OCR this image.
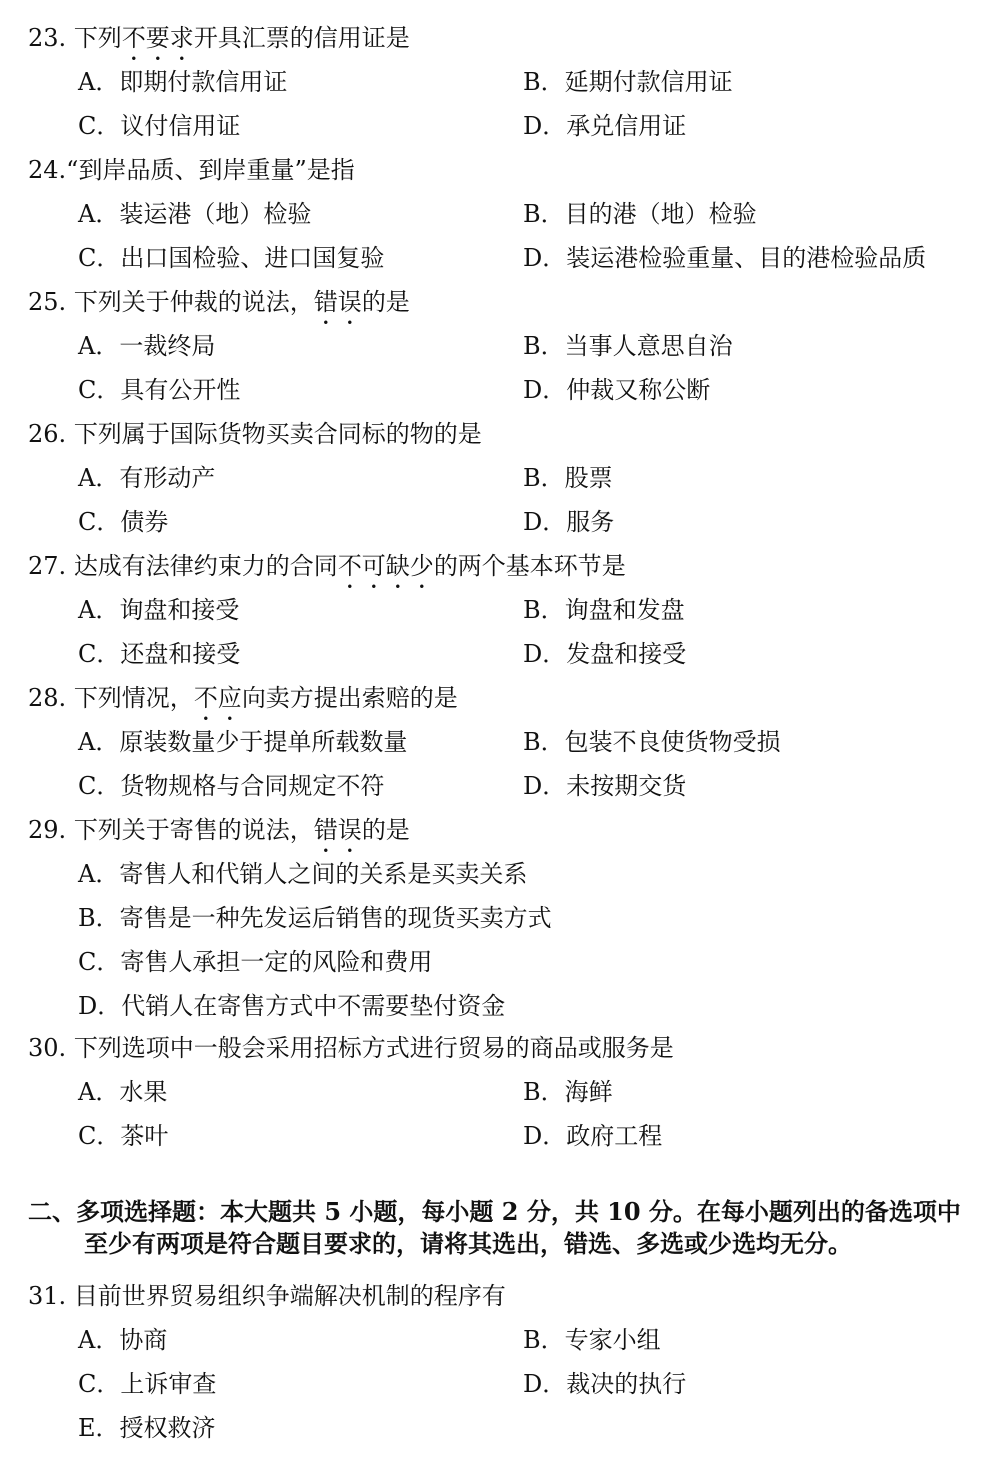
23. 下列不要求开具汇票的信用证是
A．即期付款信用证	B．延期付款信用证
C．议付信用证	D．承兑信用证
24.“到岸品质、到岸重量”是指
A．装运港（地）检验	B．目的港（地）检验
C．出口国检验、进口国复验	D．装运港检验重量、目的港检验品质
25. 下列关于仲裁的说法，错误的是
A．一裁终局	B．当事人意思自治
C．具有公开性	D．仲裁又称公断
26. 下列属于国际货物买卖合同标的物的是
A．有形动产	B．股票
C．债券	D．服务
27. 达成有法律约束力的合同不可缺少的两个基本环节是
A．询盘和接受	B．询盘和发盘
C．还盘和接受	D．发盘和接受
28. 下列情况，不应向卖方提出索赔的是
A．原装数量少于提单所载数量	B．包装不良使货物受损
C．货物规格与合同规定不符	D．未按期交货
29. 下列关于寄售的说法，错误的是
A．寄售人和代销人之间的关系是买卖关系
B．寄售是一种先发运后销售的现货买卖方式
C．寄售人承担一定的风险和费用
D．代销人在寄售方式中不需要垫付资金
30. 下列选项中一般会采用招标方式进行贸易的商品或服务是
A．水果	B．海鲜
C．茶叶	D．政府工程
二、多项选择题：本大题共 5 小题，每小题 2 分，共 10 分。在每小题列出的备选项中
至少有两项是符合题目要求的，请将其选出，错选、多选或少选均无分。
31. 目前世界贸易组织争端解决机制的程序有
A．协商	B．专家小组
C．上诉审查	D．裁决的执行
E．授权救济
